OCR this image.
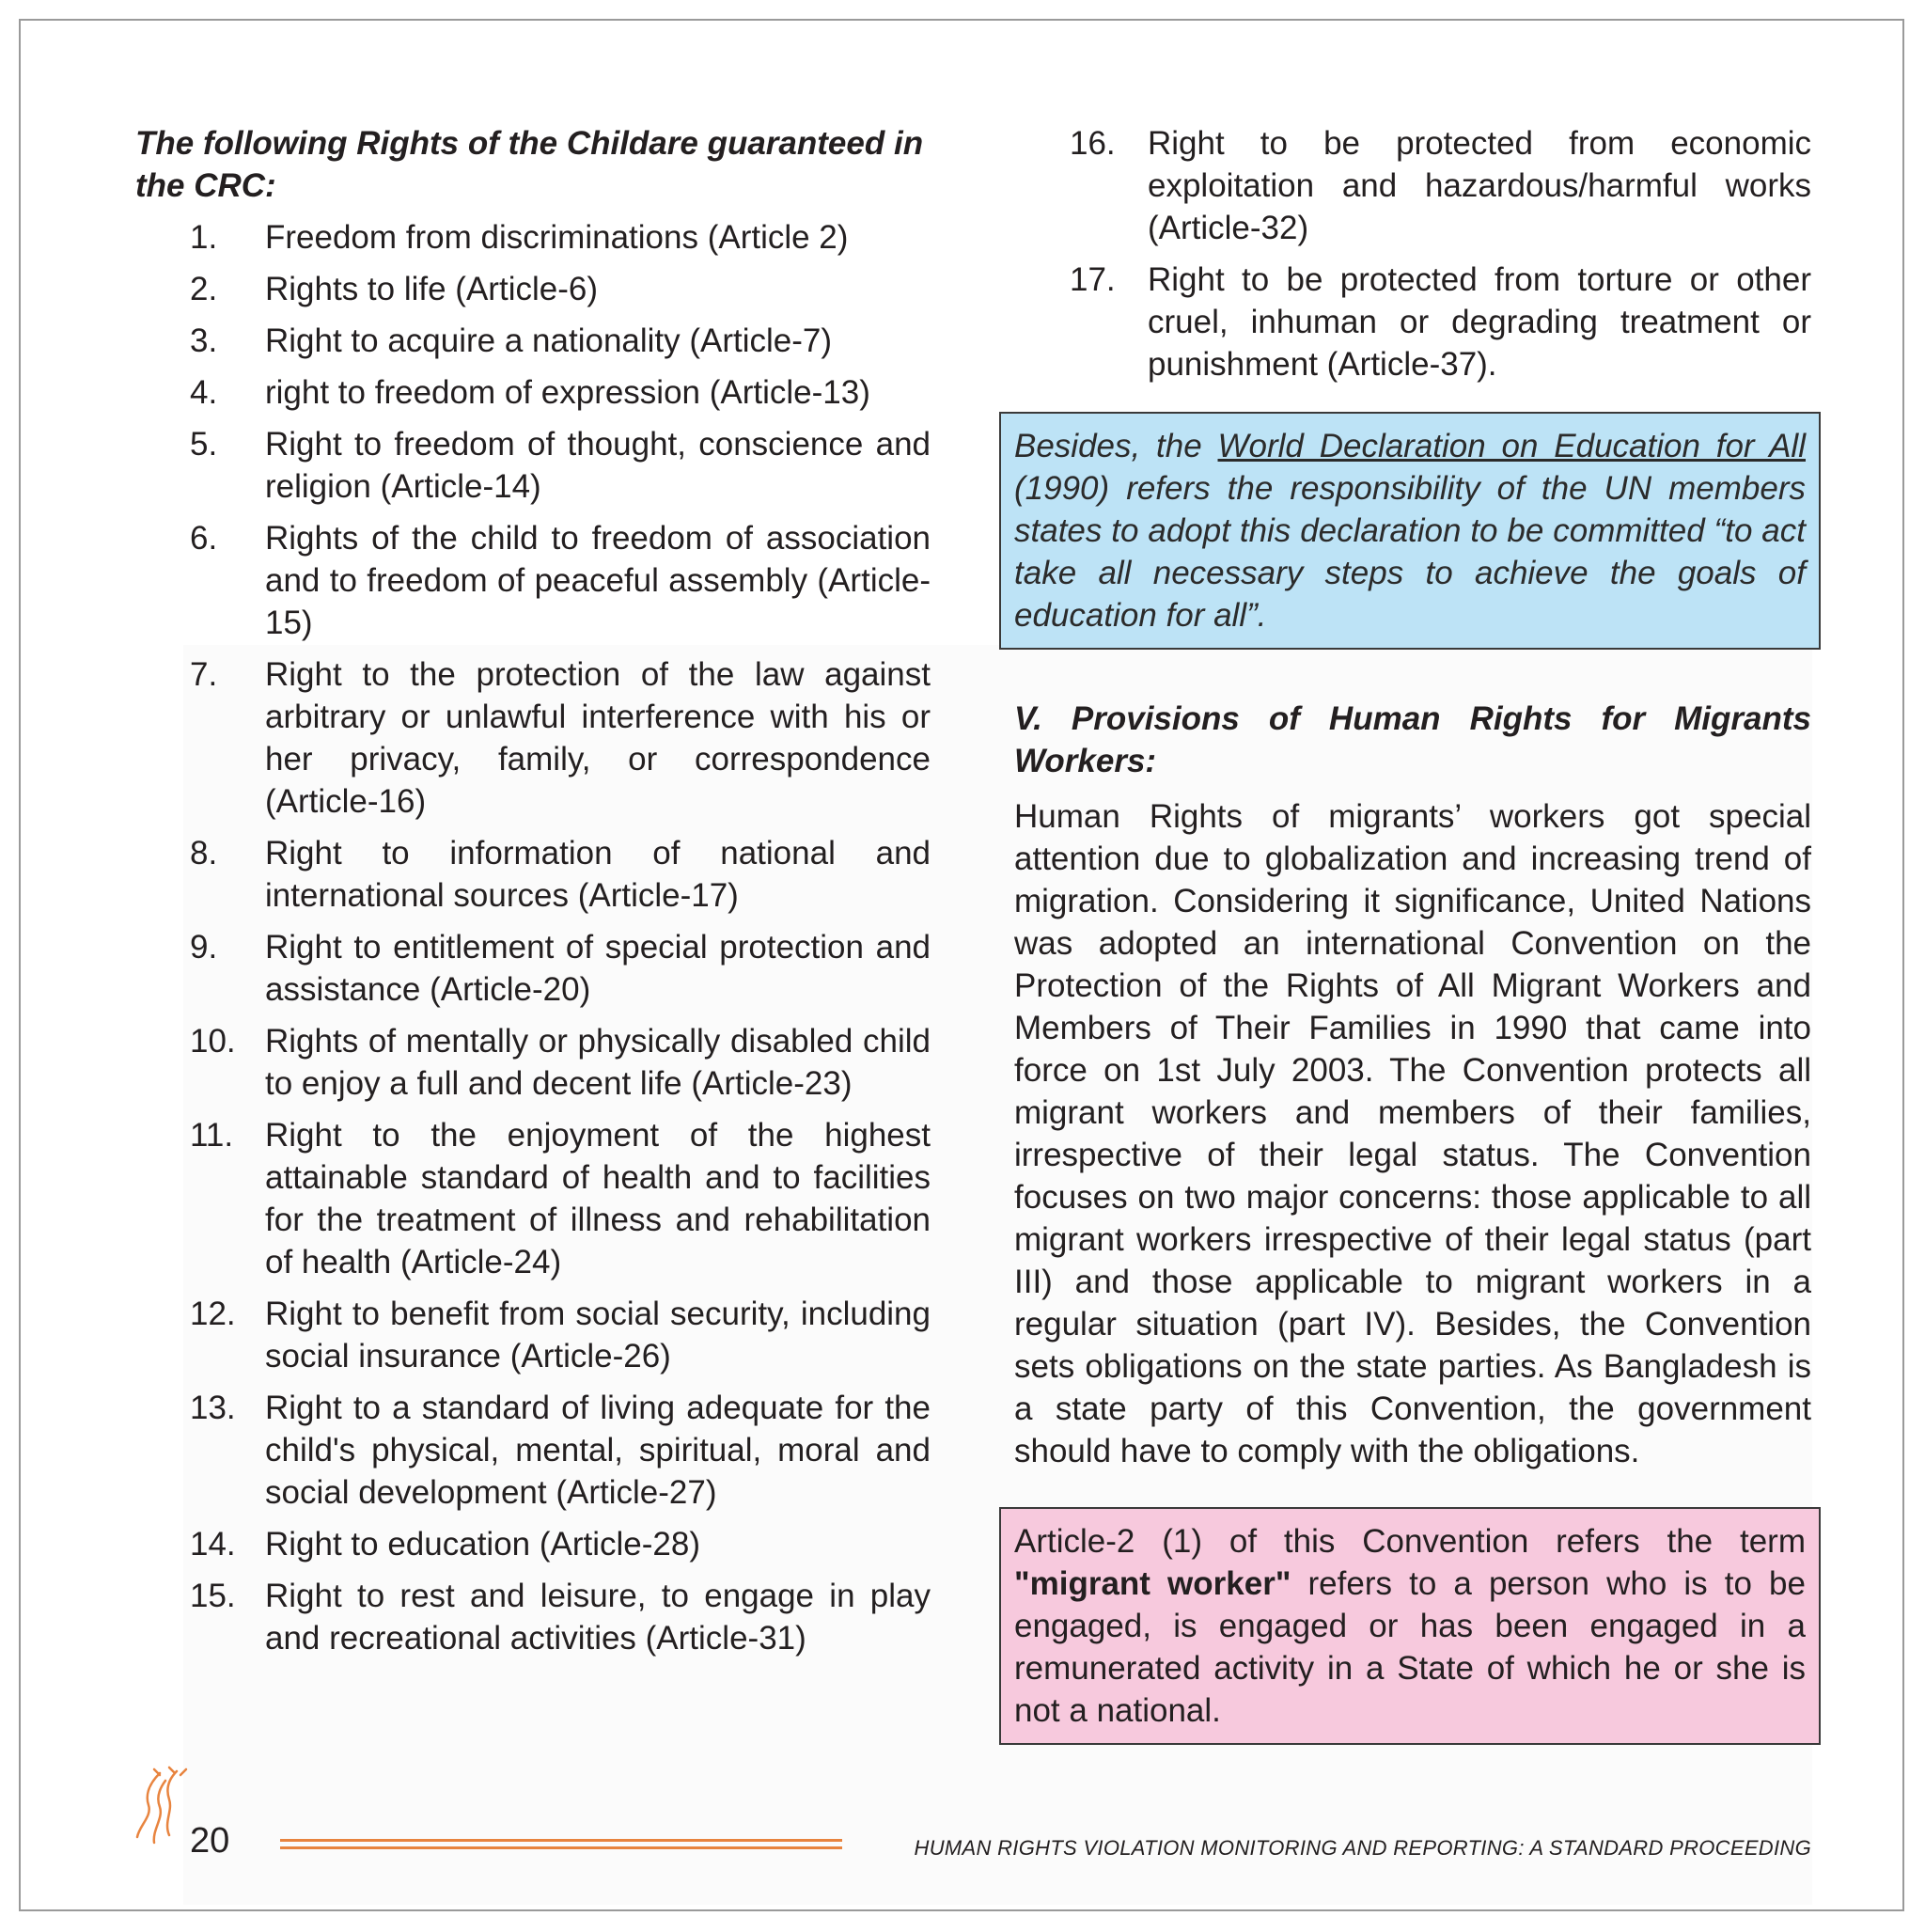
The following Rights of the Childare guaranteed in the CRC:
1.	Freedom from discriminations (Article 2)
2.	Rights to life (Article-6)
3.	Right to acquire a nationality (Article-7)
4.	right to freedom of expression (Article-13)
5.	Right to freedom of thought, conscience and religion (Article-14)
6.	Rights of the child to freedom of association and to freedom of peaceful assembly (Article-15)
7.	Right to the protection of the law against arbitrary or unlawful interference with his or her privacy, family, or correspondence (Article-16)
8.	Right to information of national and international sources (Article-17)
9.	Right to entitlement of special protection and assistance (Article-20)
10. Rights of mentally or physically disabled child to enjoy a full and decent life (Article-23)
11. Right to the enjoyment of the highest attainable standard of health and to facilities for the treatment of illness and rehabilitation of health (Article-24)
12. Right to benefit from social security, including social insurance (Article-26)
13. Right to a standard of living adequate for the child's physical, mental, spiritual, moral and social development (Article-27)
14. Right to education (Article-28)
15. Right to rest and leisure, to engage in play and recreational activities (Article-31)
16. Right to be protected from economic exploitation and hazardous/harmful works (Article-32)
17. Right to be protected from torture or other cruel, inhuman or degrading treatment or punishment (Article-37).
Besides, the World Declaration on Education for All (1990) refers the responsibility of the UN members states to adopt this declaration to be committed “to act take all necessary steps to achieve the goals of education for all”.
V. Provisions of Human Rights for Migrants Workers:
Human Rights of migrants’ workers got special attention due to globalization and increasing trend of migration. Considering it significance, United Nations was adopted an international Convention on the Protection of the Rights of All Migrant Workers and Members of Their Families in 1990 that came into force on 1st July 2003. The Convention protects all migrant workers and members of their families, irrespective of their legal status. The Convention focuses on two major concerns: those applicable to all migrant workers irrespective of their legal status (part III) and those applicable to migrant workers in a regular situation (part IV). Besides, the Convention sets obligations on the state parties. As Bangladesh is a state party of this Convention, the government should have to comply with the obligations.
Article-2 (1) of this Convention refers the term "migrant worker" refers to a person who is to be engaged, is engaged or has been engaged in a remunerated activity in a State of which he or she is not a national.
20	HUMAN RIGHTS VIOLATION MONITORING AND REPORTING: A STANDARD PROCEEDING
